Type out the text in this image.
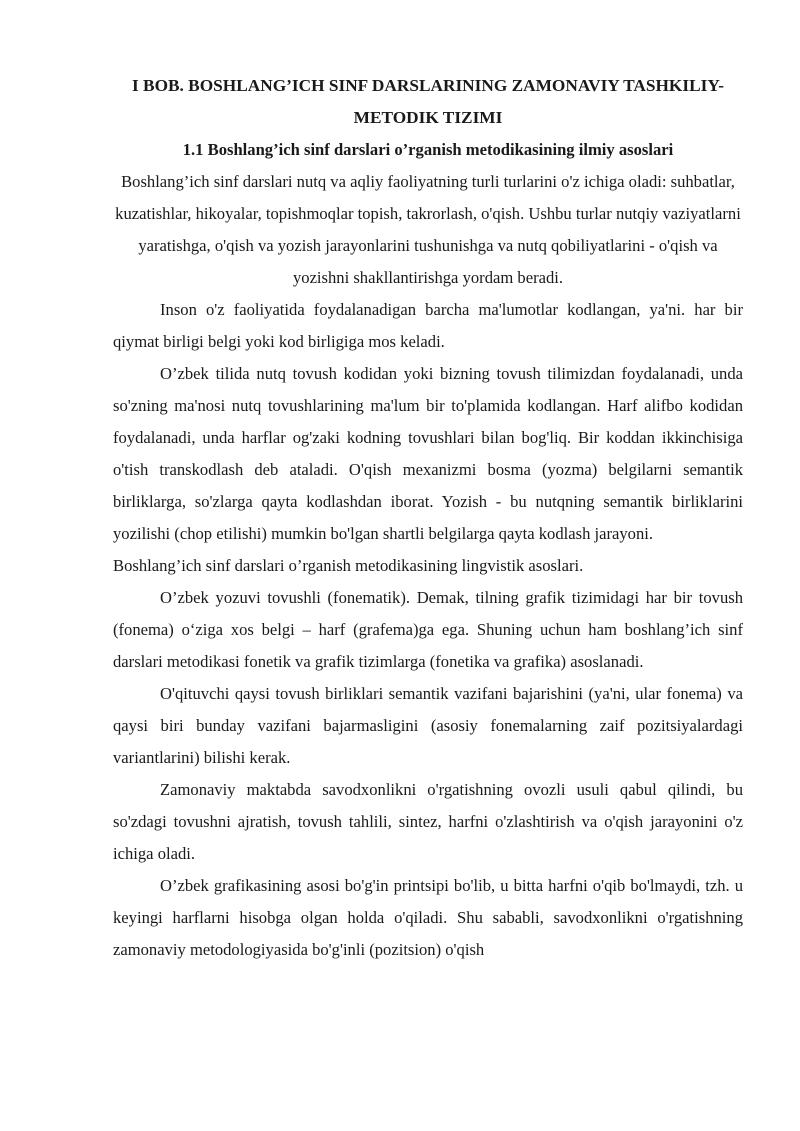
I BOB. BOSHLANG’ICH SINF DARSLARINING ZAMONAVIY TASHKILIY-METODIK TIZIMI

1.1 Boshlang’ich sinf darslari o’rganish metodikasining ilmiy asoslari

Boshlang’ich sinf darslari nutq va aqliy faoliyatning turli turlarini o'z ichiga oladi: suhbatlar, kuzatishlar, hikoyalar, topishmoqlar topish, takrorlash, o'qish. Ushbu turlar nutqiy vaziyatlarni yaratishga, o'qish va yozish jarayonlarini tushunishga va nutq qobiliyatlarini - o'qish va yozishni shakllantirishga yordam beradi.

Inson o'z faoliyatida foydalanadigan barcha ma'lumotlar kodlangan, ya'ni. har bir qiymat birligi belgi yoki kod birligiga mos keladi.

O’zbek tilida nutq tovush kodidan yoki bizning tovush tilimizdan foydalanadi, unda so'zning ma'nosi nutq tovushlarining ma'lum bir to'plamida kodlangan. Harf alifbo kodidan foydalanadi, unda harflar og'zaki kodning tovushlari bilan bog'liq. Bir koddan ikkinchisiga o'tish transkodlash deb ataladi. O'qish mexanizmi bosma (yozma) belgilarni semantik birliklarga, so'zlarga qayta kodlashdan iborat. Yozish - bu nutqning semantik birliklarini yozilishi (chop etilishi) mumkin bo'lgan shartli belgilarga qayta kodlash jarayoni.

Boshlang’ich sinf darslari o’rganish metodikasining lingvistik asoslari.

O’zbek yozuvi tovushli (fonematik). Demak, tilning grafik tizimidagi har bir tovush (fonema) o‘ziga xos belgi – harf (grafema)ga ega. Shuning uchun ham boshlang’ich sinf darslari metodikasi fonetik va grafik tizimlarga (fonetika va grafika) asoslanadi.

O'qituvchi qaysi tovush birliklari semantik vazifani bajarishini (ya'ni, ular fonema) va qaysi biri bunday vazifani bajarmasligini (asosiy fonemalarning zaif pozitsiyalardagi variantlarini) bilishi kerak.

Zamonaviy maktabda savodxonlikni o'rgatishning ovozli usuli qabul qilindi, bu so'zdagi tovushni ajratish, tovush tahlili, sintez, harfni o'zlashtirish va o'qish jarayonini o'z ichiga oladi.

O’zbek grafikasining asosi bo'g'in printsipi bo'lib, u bitta harfni o'qib bo'lmaydi, tzh. u keyingi harflarni hisobga olgan holda o'qiladi. Shu sababli, savodxonlikni o'rgatishning zamonaviy metodologiyasida bo'g'inli (pozitsion) o'qish
